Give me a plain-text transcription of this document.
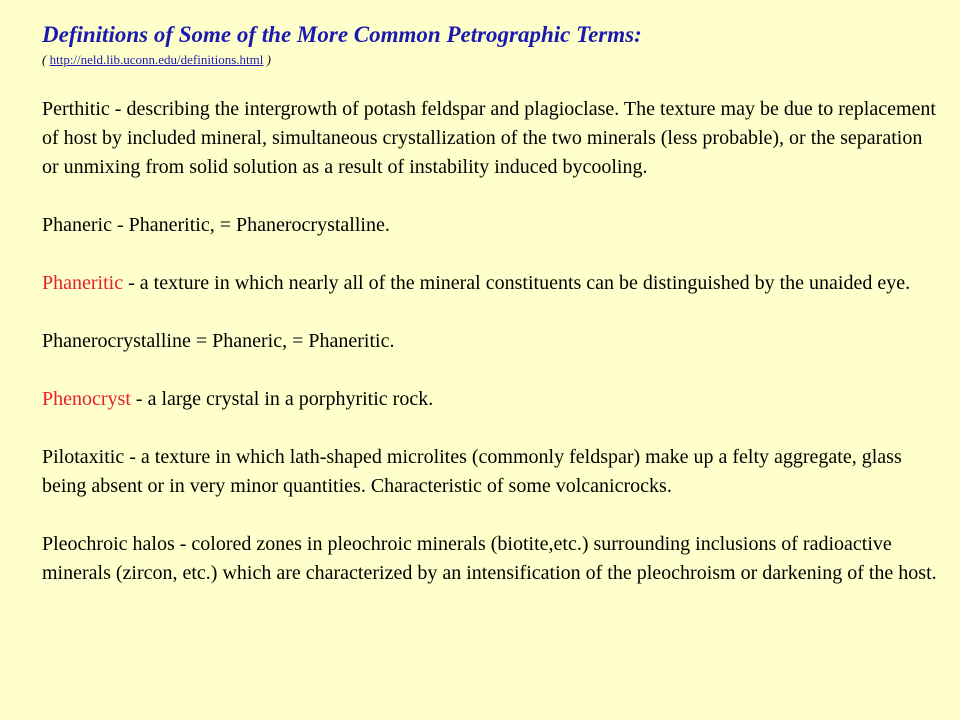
Definitions of Some of the More Common Petrographic Terms:

( http://neld.lib.uconn.edu/definitions.html )

Perthitic - describing the intergrowth of potash feldspar and plagioclase. The texture may be due to replacement of host by included mineral, simultaneous crystallization of the two minerals (less probable), or the separation or unmixing from solid solution as a result of instability induced bycooling.

Phaneric - Phaneritic, = Phanerocrystalline.

Phaneritic - a texture in which nearly all of the mineral constituents can be distinguished by the unaided eye.

Phanerocrystalline = Phaneric, = Phaneritic.

Phenocryst - a large crystal in a porphyritic rock.

Pilotaxitic - a texture in which lath-shaped microlites (commonly feldspar) make up a felty aggregate, glass being absent or in very minor quantities. Characteristic of some volcanicrocks.

Pleochroic halos - colored zones in pleochroic minerals (biotite,etc.) surrounding inclusions of radioactive minerals (zircon, etc.) which are characterized by an intensification of the pleochroism or darkening of the host.
